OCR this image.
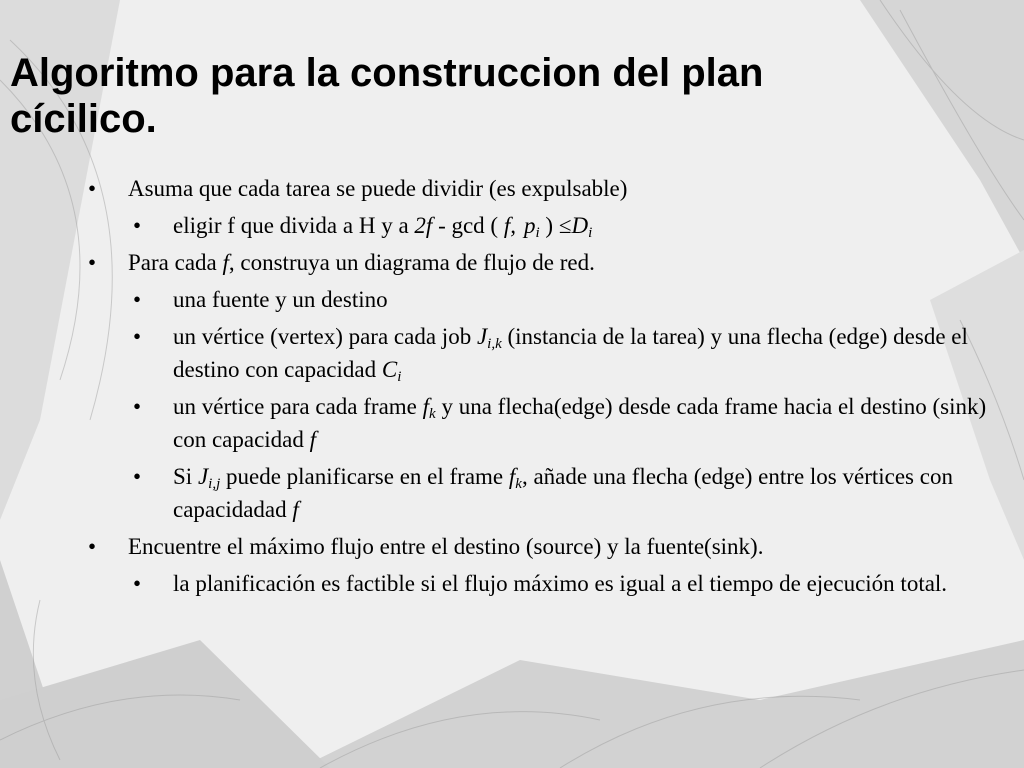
Algoritmo para la construccion del plan
cícilico.
• Asuma que cada tarea se puede dividir (es expulsable)
• eligir f que divida a H y a 2f - gcd ( f, $p_i$ ) $\le D_i$
• Para cada f, construya un diagrama de flujo de red.
• una fuente y un destino
• un vértice (vertex) para cada job $J_{i,k}$ (instancia de la tarea) y una flecha (edge) desde el destino con capacidad $C_i$
• un vértice para cada frame $f_k$ y una flecha(edge) desde cada frame hacia el destino (sink) con capacidad f
• Si $J_{i,j}$ puede planificarse en el frame $f_k$, añade una flecha (edge) entre los vértices con capacidadad f
• Encuentre el máximo flujo entre el destino (source) y la fuente(sink).
• la planificación es factible si el flujo máximo es igual a el tiempo de ejecución total.
